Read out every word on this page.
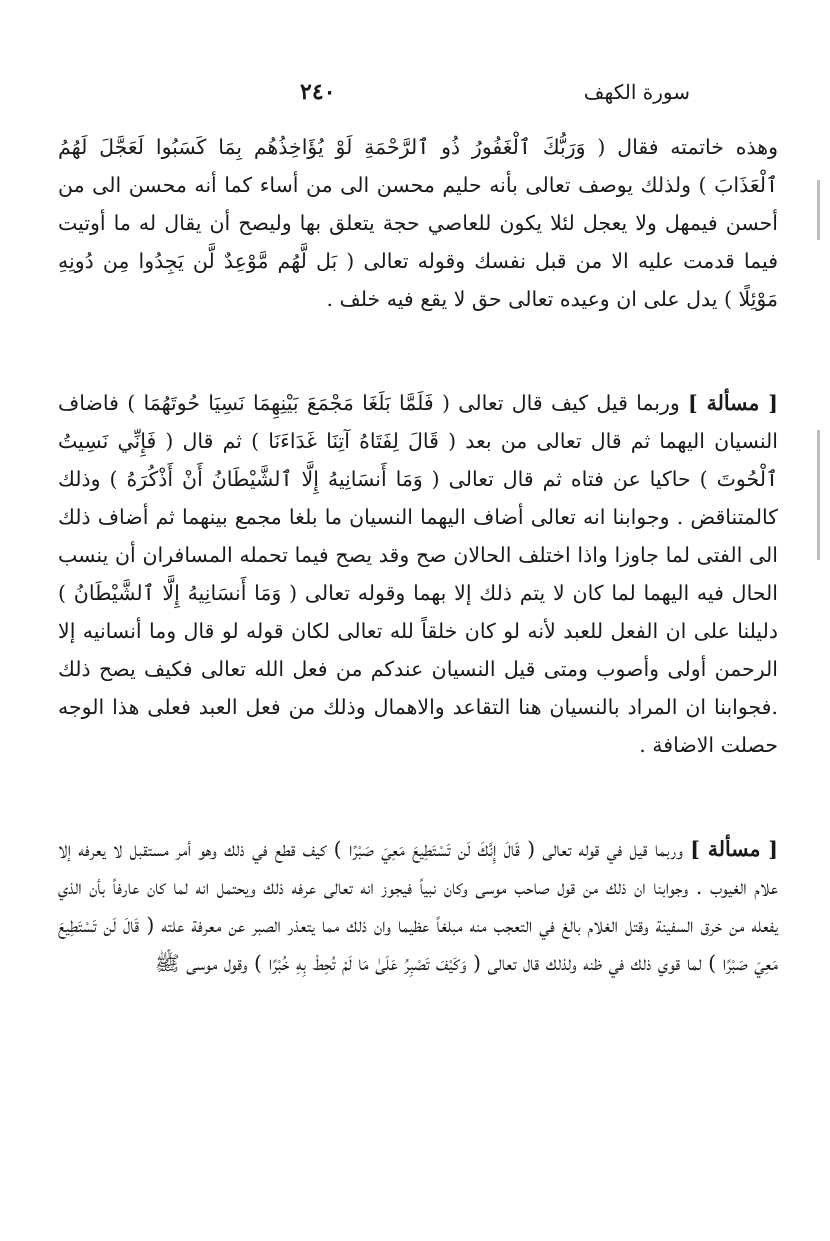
٢٤٠	سورة الكهف

وهذه خاتمته فقال ( وَرَبُّكَ ٱلْغَفُورُ ذُو ٱلرَّحْمَةِ لَوْ يُؤَاخِذُهُم بِمَا كَسَبُوا لَعَجَّلَ لَهُمُ ٱلْعَذَابَ ) ولذلك يوصف تعالى بأنه حليم محسن الى من أساء كما أنه محسن الى من أحسن فيمهل ولا يعجل لئلا يكون للعاصي حجة يتعلق بها وليصح أن يقال له ما أوتيت فيما قدمت عليه الا من قبل نفسك وقوله تعالى ( بَل لَّهُم مَّوْعِدٌ لَّن يَجِدُوا مِن دُونِهِ مَوْئِلًا ) يدل على ان وعيده تعالى حق لا يقع فيه خلف .

[ مسألة ] وربما قيل كيف قال تعالى ( فَلَمَّا بَلَغَا مَجْمَعَ بَيْنِهِمَا نَسِيَا حُوتَهُمَا ) فاضاف النسيان اليهما ثم قال تعالى من بعد ( قَالَ لِفَتَاهُ آتِنَا غَدَاءَنَا ) ثم قال ( فَإِنِّي نَسِيتُ ٱلْحُوتَ ) حاكيا عن فتاه ثم قال تعالى ( وَمَا أَنسَانِيهُ إِلَّا ٱلشَّيْطَانُ أَنْ أَذْكُرَهُ ) وذلك كالمتناقض . وجوابنا انه تعالى أضاف اليهما النسيان ما بلغا مجمع بينهما ثم أضاف ذلك الى الفتى لما جاوزا واذا اختلف الحالان صح وقد يصح فيما تحمله المسافران أن ينسب الحال فيه اليهما لما كان لا يتم ذلك إلا بهما وقوله تعالى ( وَمَا أَنسَانِيهُ إِلَّا ٱلشَّيْطَانُ ) دليلنا على ان الفعل للعبد لأنه لو كان خلقاً لله تعالى لكان قوله لو قال وما أنسانيه إلا الرحمن أولى وأصوب ومتى قيل النسيان عندكم من فعل الله تعالى فكيف يصح ذلك .فجوابنا ان المراد بالنسيان هنا التقاعد والاهمال وذلك من فعل العبد فعلى هذا الوجه حصلت الاضافة .

[ مسألة ] وربما قيل في قوله تعالى ( قَالَ إِنَّكَ لَن تَسْتَطِيعَ مَعِيَ صَبْرًا ) كيف قطع في ذلك وهو أمر مستقبل لا يعرفه إلا علام الغيوب . وجوابنا ان ذلك من قول صاحب موسى وكان نبياً فيجوز انه تعالى عرفه ذلك ويحتمل انه لما كان عارفاً بأن الذي يفعله من خرق السفينة وقتل الغلام بالغ في التعجب منه مبلغاً عظيما وان ذلك مما يتعذر الصبر عن معرفة علته ( قَالَ لَن تَسْتَطِيعَ مَعِيَ صَبْرًا ) لما قوي ذلك في ظنه ولذلك قال تعالى ( وَكَيْفَ تَصْبِرُ عَلَىٰ مَا لَمْ تُحِطْ بِهِ خُبْرًا ) وقول موسى ﷺ
